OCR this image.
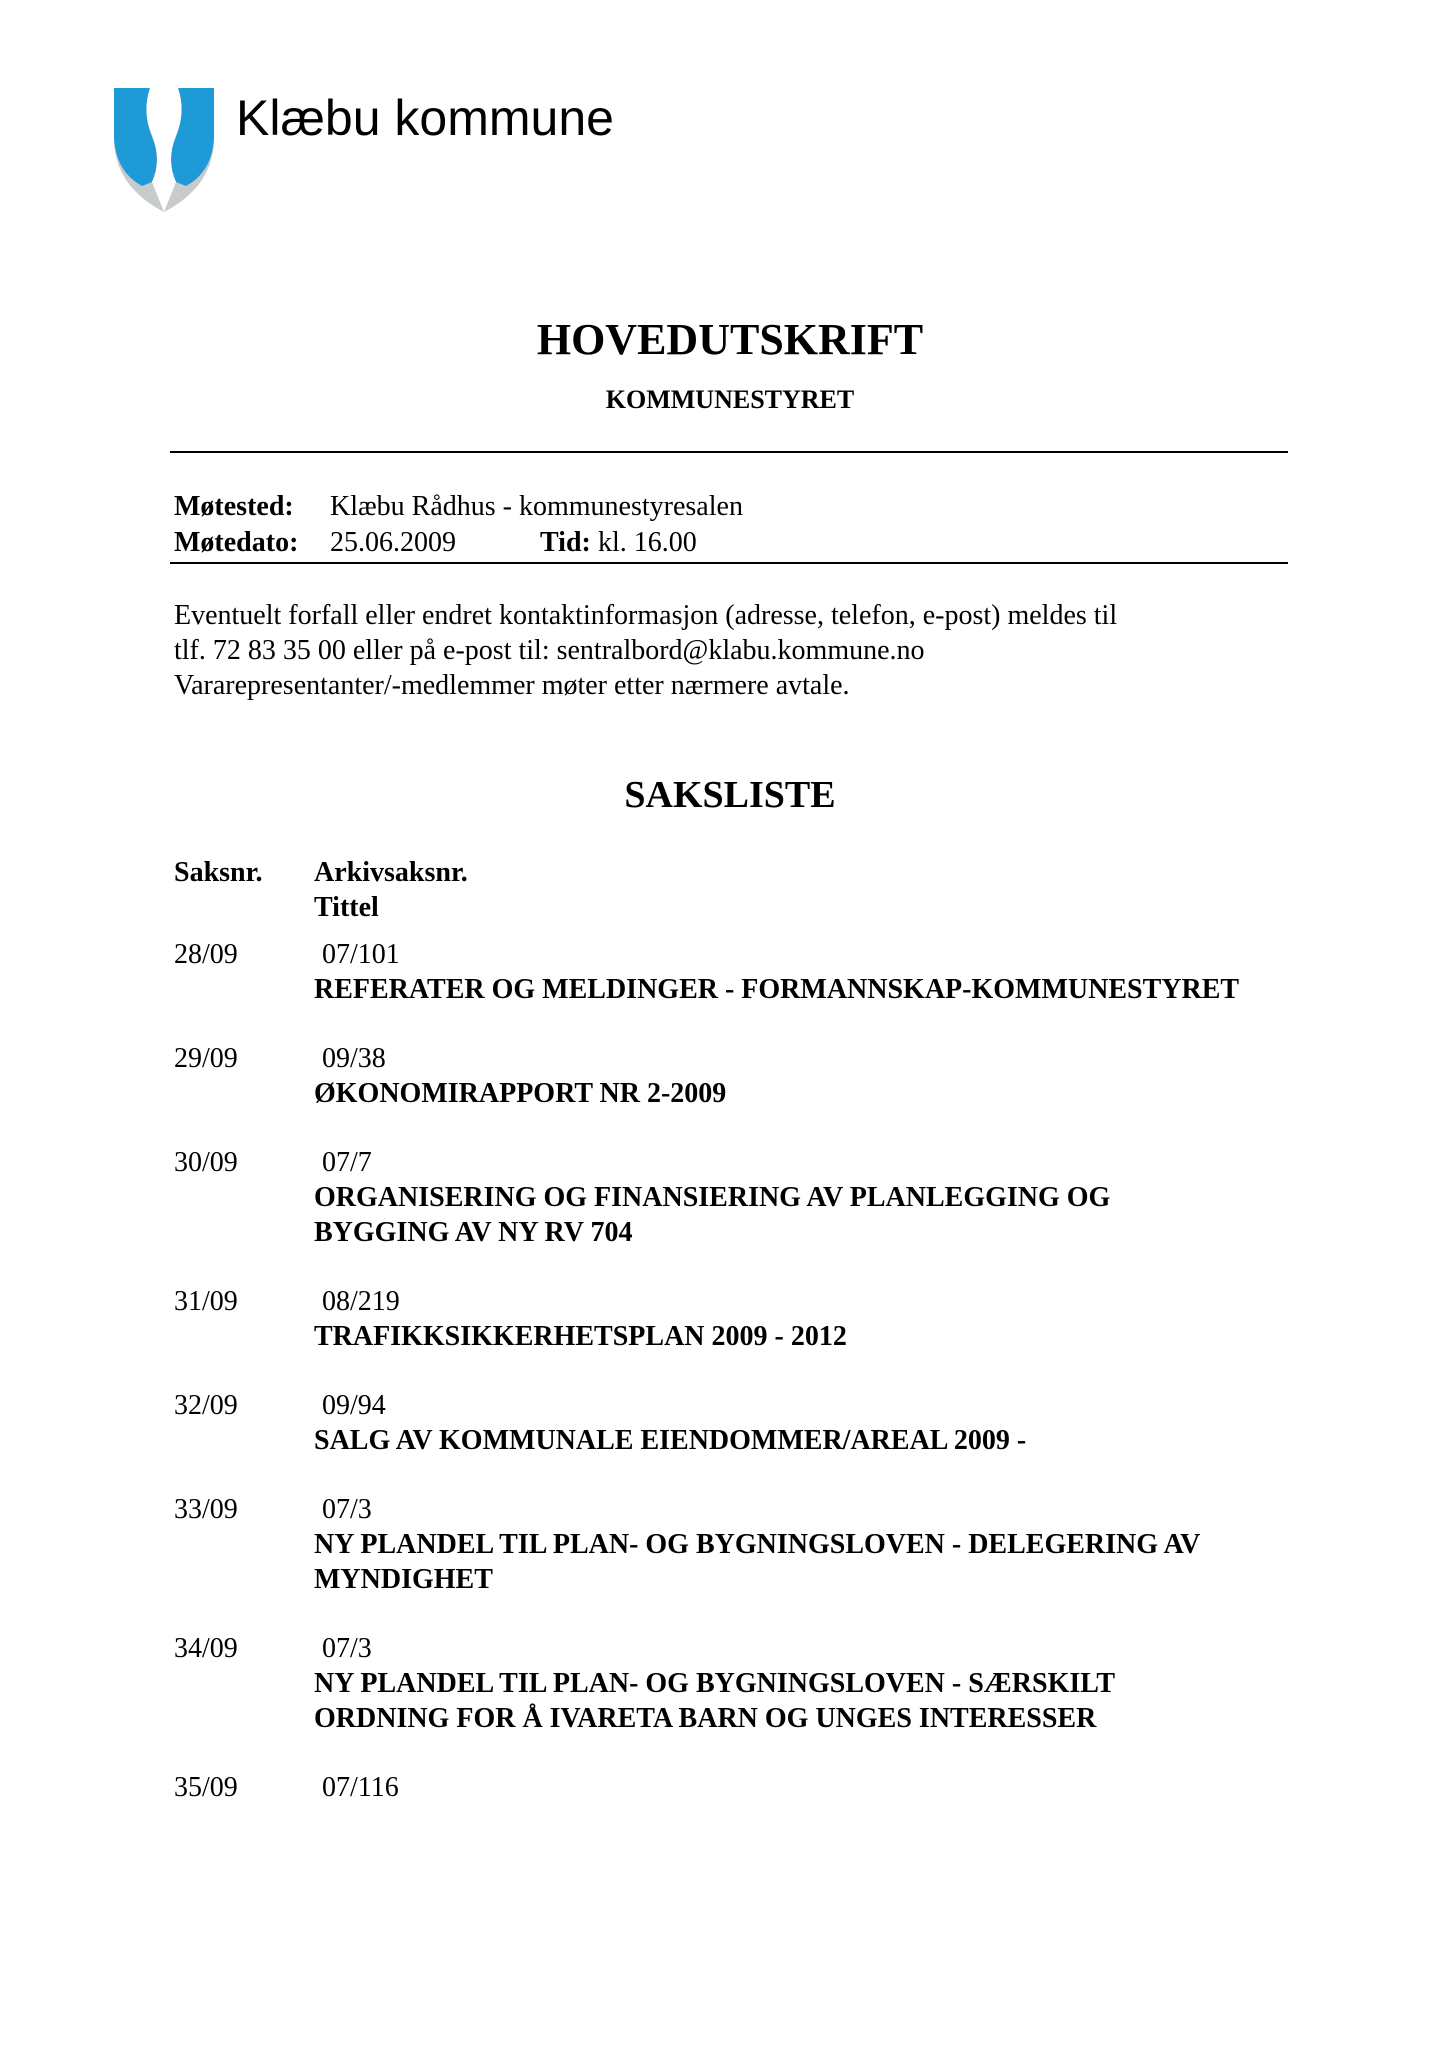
Klæbu kommune
HOVEDUTSKRIFT
KOMMUNESTYRET
Møtested: Klæbu Rådhus - kommunestyresalen
Møtedato: 25.06.2009	Tid: kl. 16.00
Eventuelt forfall eller endret kontaktinformasjon (adresse, telefon, e-post) meldes til
tlf. 72 83 35 00 eller på e-post til: sentralbord@klabu.kommune.no
Vararepresentanter/-medlemmer møter etter nærmere avtale.
SAKSLISTE
Saksnr. Arkivsaksnr.
Tittel
28/09	07/101
REFERATER OG MELDINGER - FORMANNSKAP-KOMMUNESTYRET
29/09	09/38
ØKONOMIRAPPORT NR 2-2009
30/09	07/7
ORGANISERING OG FINANSIERING AV PLANLEGGING OG
BYGGING AV NY RV 704
31/09	08/219
TRAFIKKSIKKERHETSPLAN 2009 - 2012
32/09	09/94
SALG AV KOMMUNALE EIENDOMMER/AREAL 2009 -
33/09	07/3
NY PLANDEL TIL PLAN- OG BYGNINGSLOVEN - DELEGERING AV
MYNDIGHET
34/09	07/3
NY PLANDEL TIL PLAN- OG BYGNINGSLOVEN - SÆRSKILT
ORDNING FOR Å IVARETA BARN OG UNGES INTERESSER
35/09	07/116
